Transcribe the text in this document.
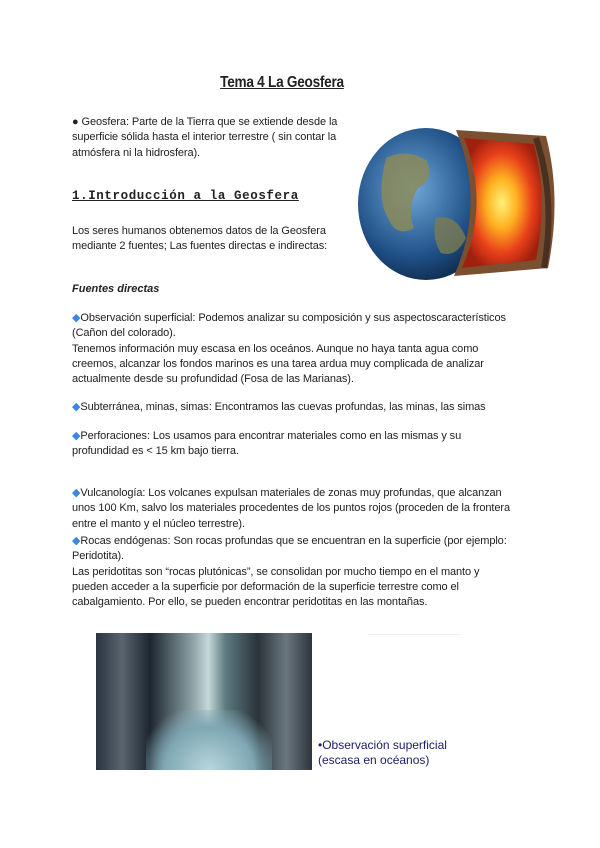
Tema 4 La Geosfera
● Geosfera: Parte de la Tierra que se extiende desde la
superficie sólida hasta el interior terrestre ( sin contar la
atmósfera ni la hidrosfera).
1.Introducción a la Geosfera
Los seres humanos obtenemos datos de la Geosfera
mediante 2 fuentes; Las fuentes directas e indirectas:
Fuentes directas
◆Observación superficial: Podemos analizar su composición y sus aspectoscaracterísticos
(Cañon del colorado).
Tenemos información muy escasa en los oceános. Aunque no haya tanta agua como
creemos, alcanzar los fondos marinos es una tarea ardua muy complicada de analizar
actualmente desde su profundidad (Fosa de las Marianas).
◆Subterránea, minas, simas: Encontramos las cuevas profundas, las minas, las simas
◆Perforaciones: Los usamos para encontrar materiales como en las mismas y su
profundidad es < 15 km bajo tierra.
◆Vulcanología: Los volcanes expulsan materiales de zonas muy profundas, que alcanzan
unos 100 Km, salvo los materiales procedentes de los puntos rojos (proceden de la frontera
entre el manto y el núcleo terrestre).
◆Rocas endógenas: Son rocas profundas que se encuentran en la superficie (por ejemplo:
Peridotita).
Las peridotitas son “rocas plutónicas”, se consolidan por mucho tiempo en el manto y
pueden acceder a la superficie por deformación de la superficie terrestre como el
cabalgamiento. Por ello, se pueden encontrar peridotitas en las montañas.
•Observación superficial
(escasa en océanos)
